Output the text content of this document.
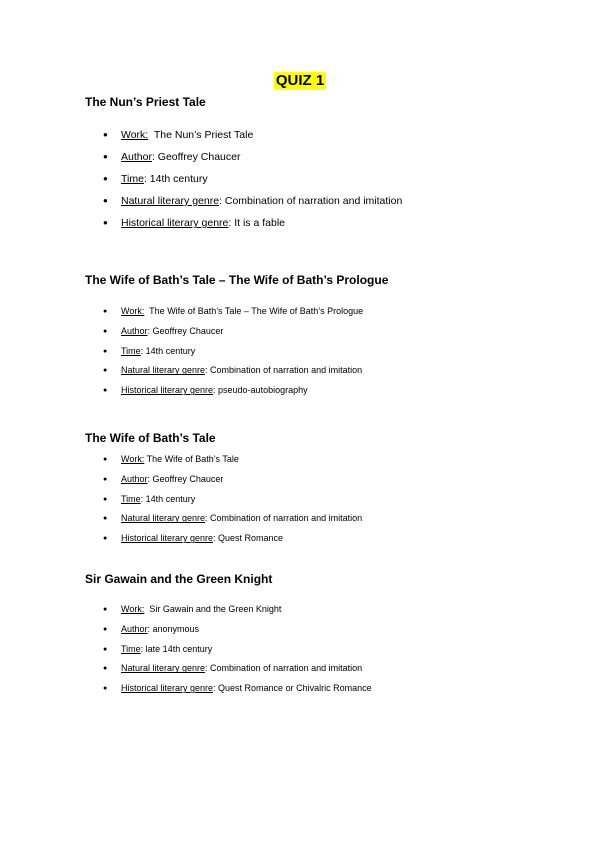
QUIZ 1
The Nun’s Priest Tale
● Work:  The Nun’s Priest Tale
● Author: Geoffrey Chaucer
● Time: 14th century
● Natural literary genre: Combination of narration and imitation
● Historical literary genre: It is a fable
The Wife of Bath’s Tale – The Wife of Bath’s Prologue
● Work:  The Wife of Bath’s Tale – The Wife of Bath’s Prologue
● Author: Geoffrey Chaucer
● Time: 14th century
● Natural literary genre: Combination of narration and imitation
● Historical literary genre: pseudo-autobiography
The Wife of Bath’s Tale
● Work: The Wife of Bath’s Tale
● Author: Geoffrey Chaucer
● Time: 14th century
● Natural literary genre: Combination of narration and imitation
● Historical literary genre: Quest Romance
Sir Gawain and the Green Knight
● Work:  Sir Gawain and the Green Knight
● Author: anonymous
● Time: late 14th century
● Natural literary genre: Combination of narration and imitation
● Historical literary genre: Quest Romance or Chivalric Romance
